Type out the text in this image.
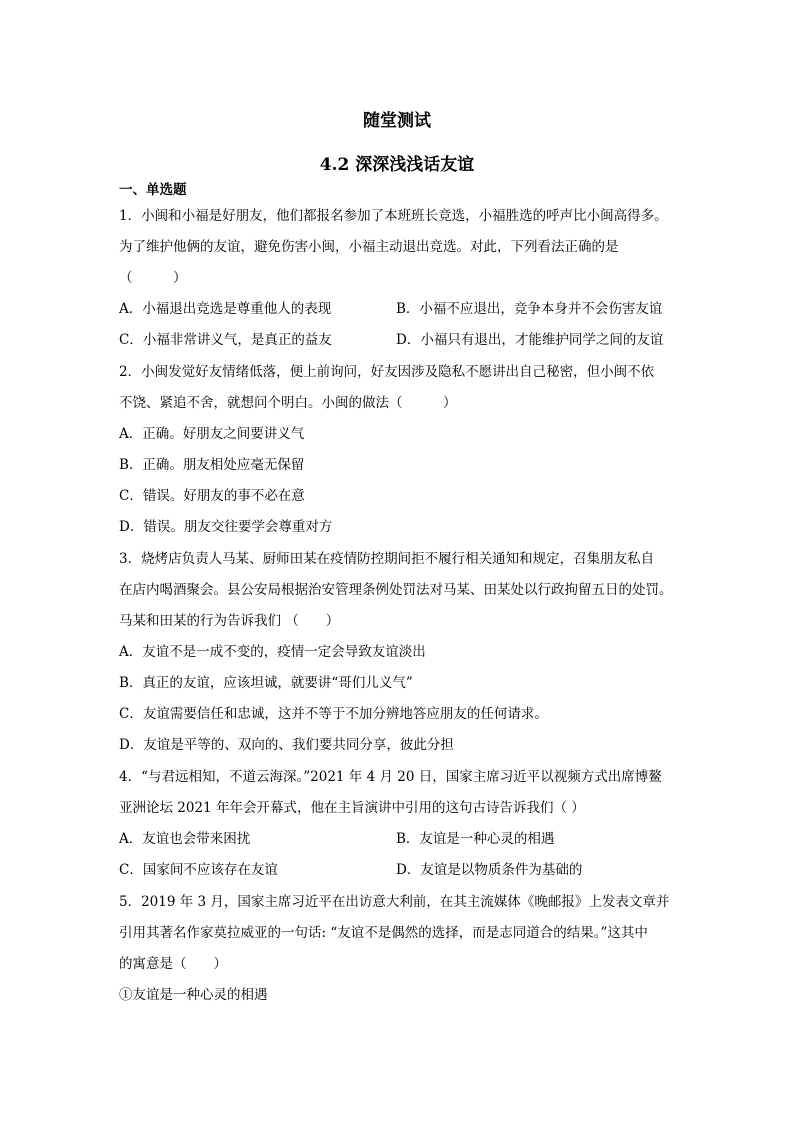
随堂测试
4.2 深深浅浅话友谊
一、单选题
1．小闽和小福是好朋友，他们都报名参加了本班班长竞选，小福胜选的呼声比小闽高得多。
为了维护他俩的友谊，避免伤害小闽，小福主动退出竞选。对此，下列看法正确的是
（　　　）
A．小福退出竞选是尊重他人的表现	B．小福不应退出，竞争本身并不会伤害友谊
C．小福非常讲义气，是真正的益友	D．小福只有退出，才能维护同学之间的友谊
2．小闽发觉好友情绪低落，便上前询问，好友因涉及隐私不愿讲出自己秘密，但小闽不依
不饶、紧追不舍，就想问个明白。小闽的做法（　　　）
A．正确。好朋友之间要讲义气
B．正确。朋友相处应毫无保留
C．错误。好朋友的事不必在意
D．错误。朋友交往要学会尊重对方
3．烧烤店负责人马某、厨师田某在疫情防控期间拒不履行相关通知和规定，召集朋友私自
在店内喝酒聚会。县公安局根据治安管理条例处罚法对马某、田某处以行政拘留五日的处罚。
马某和田某的行为告诉我们 （　　）
A．友谊不是一成不变的，疫情一定会导致友谊淡出
B．真正的友谊，应该坦诚，就要讲“哥们儿义气”
C．友谊需要信任和忠诚，这并不等于不加分辨地答应朋友的任何请求。
D．友谊是平等的、双向的、我们要共同分享，彼此分担
4．“与君远相知，不道云海深。”2021 年 4 月 20 日，国家主席习近平以视频方式出席博鳌
亚洲论坛 2021 年年会开幕式，他在主旨演讲中引用的这句古诗告诉我们（ ）
A．友谊也会带来困扰	B．友谊是一种心灵的相遇
C．国家间不应该存在友谊	D．友谊是以物质条件为基础的
5．2019 年 3 月，国家主席习近平在出访意大利前，在其主流媒体《晚邮报》上发表文章并
引用其著名作家莫拉威亚的一句话: “友谊不是偶然的选择，而是志同道合的结果。”这其中
的寓意是（　　）
①友谊是一种心灵的相遇
